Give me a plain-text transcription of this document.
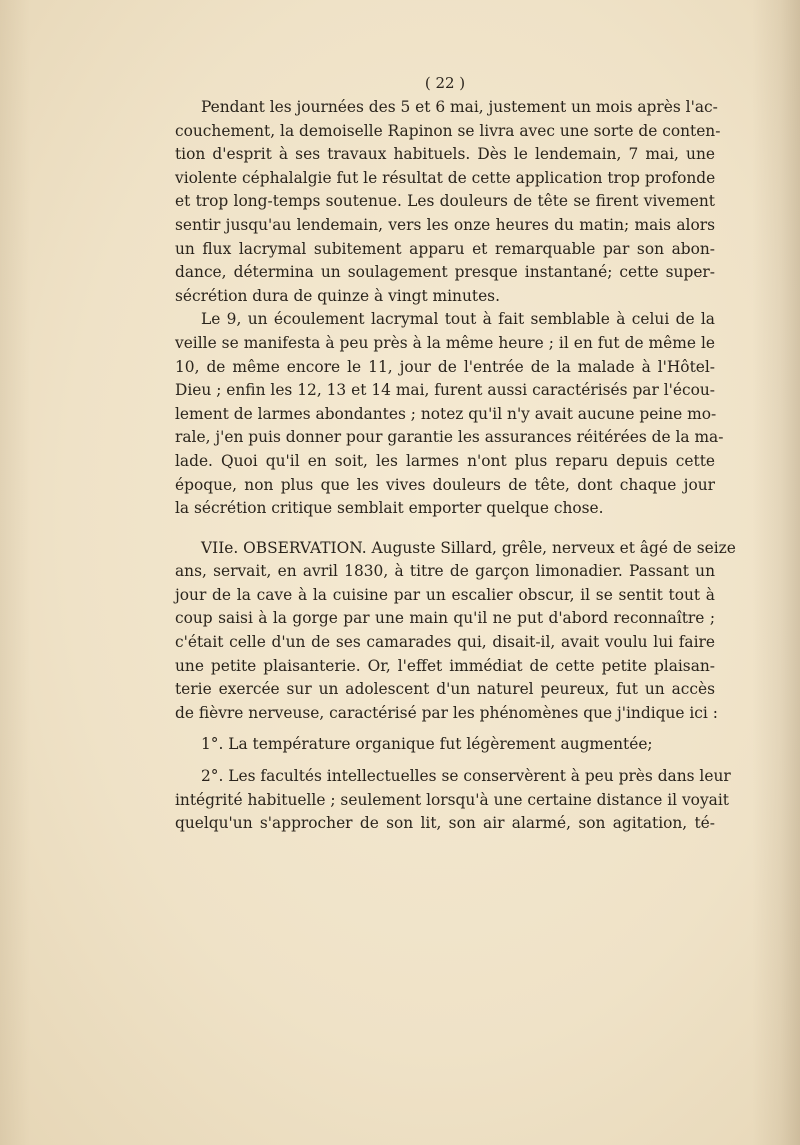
( 22 )
Pendant les journées des 5 et 6 mai, justement un mois après l'ac-
couchement, la demoiselle Rapinon se livra avec une sorte de conten-
tion d'esprit à ses travaux habituels. Dès le lendemain, 7 mai, une
violente céphalalgie fut le résultat de cette application trop profonde
et trop long-temps soutenue. Les douleurs de tête se firent vivement
sentir jusqu'au lendemain, vers les onze heures du matin; mais alors
un flux lacrymal subitement apparu et remarquable par son abon-
dance, détermina un soulagement presque instantané; cette super-
sécrétion dura de quinze à vingt minutes.
Le 9, un écoulement lacrymal tout à fait semblable à celui de la
veille se manifesta à peu près à la même heure ; il en fut de même le
10, de même encore le 11, jour de l'entrée de la malade à l'Hôtel-
Dieu ; enfin les 12, 13 et 14 mai, furent aussi caractérisés par l'écou-
lement de larmes abondantes ; notez qu'il n'y avait aucune peine mo-
rale, j'en puis donner pour garantie les assurances réitérées de la ma-
lade. Quoi qu'il en soit, les larmes n'ont plus reparu depuis cette
époque, non plus que les vives douleurs de tête, dont chaque jour
la sécrétion critique semblait emporter quelque chose.
VIIe. OBSERVATION. Auguste Sillard, grêle, nerveux et âgé de seize
ans, servait, en avril 1830, à titre de garçon limonadier. Passant un
jour de la cave à la cuisine par un escalier obscur, il se sentit tout à
coup saisi à la gorge par une main qu'il ne put d'abord reconnaître ;
c'était celle d'un de ses camarades qui, disait-il, avait voulu lui faire
une petite plaisanterie. Or, l'effet immédiat de cette petite plaisan-
terie exercée sur un adolescent d'un naturel peureux, fut un accès
de fièvre nerveuse, caractérisé par les phénomènes que j'indique ici :
1°. La température organique fut légèrement augmentée;
2°. Les facultés intellectuelles se conservèrent à peu près dans leur
intégrité habituelle ; seulement lorsqu'à une certaine distance il voyait
quelqu'un s'approcher de son lit, son air alarmé, son agitation, té-
